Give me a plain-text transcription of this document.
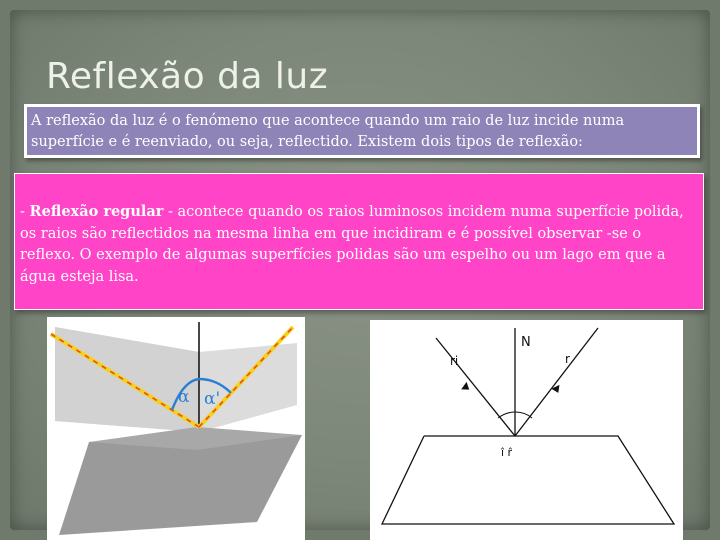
Reflexão da luz

A reflexão da luz é o fenómeno que acontece quando um raio de luz incide numa superfície e é reenviado, ou seja, reflectido. Existem dois tipos de reflexão:

- Reflexão regular - acontece quando os raios luminosos incidem numa superfície polida, os raios são reflectidos na mesma linha em que incidiram e é possível observar -se o reflexo. O exemplo de algumas superfícies polidas são um espelho ou um lago em que a água esteja lisa.

α α'
N
ri	r
î r̂
